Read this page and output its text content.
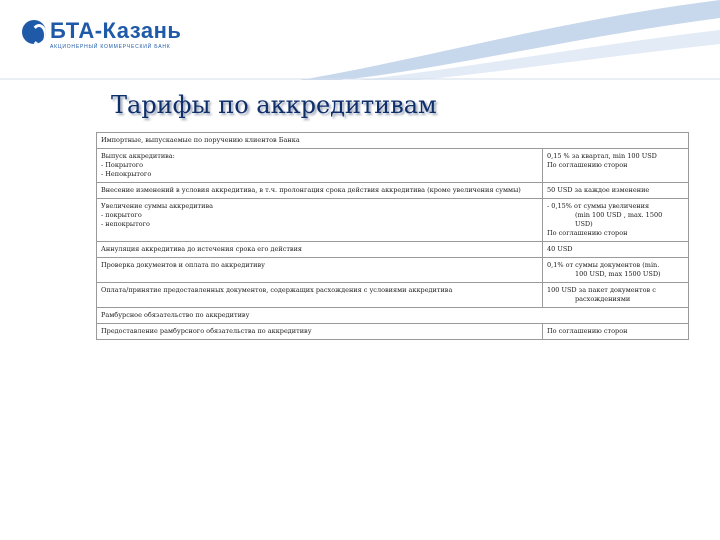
БТА-Казань
АКЦИОНЕРНЫЙ КОММЕРЧЕСКИЙ БАНК
Тарифы по аккредитивам
Импортные, выпускаемые по поручению клиентов Банка	

Выпуск аккредитива:
- Покрытого
- Непокрытого	0,15 % за квартал, min 100 USD
По соглашению сторон

Внесение изменений в условия аккредитива, в т.ч. пролонгация срока действия аккредитива (кроме увеличения суммы)	50 USD за каждое изменение

Увеличение суммы аккредитива
- покрытого
- непокрытого	- 0,15% от суммы увеличения
(min 100 USD , max. 1500
USD)
По соглашению сторон

Аннуляция аккредитива до истечения срока его действия	40 USD
Проверка документов и оплата по аккредитиву	0,1% от суммы документов (min.
100 USD, max 1500 USD)

Оплата/принятие предоставленных документов, содержащих расхождения с условиями аккредитива	100 USD за пакет документов с
расхождениями

Рамбурсное обязательство по аккредитиву	
Предоставление рамбурсного обязательства по аккредитиву	По соглашению сторон
